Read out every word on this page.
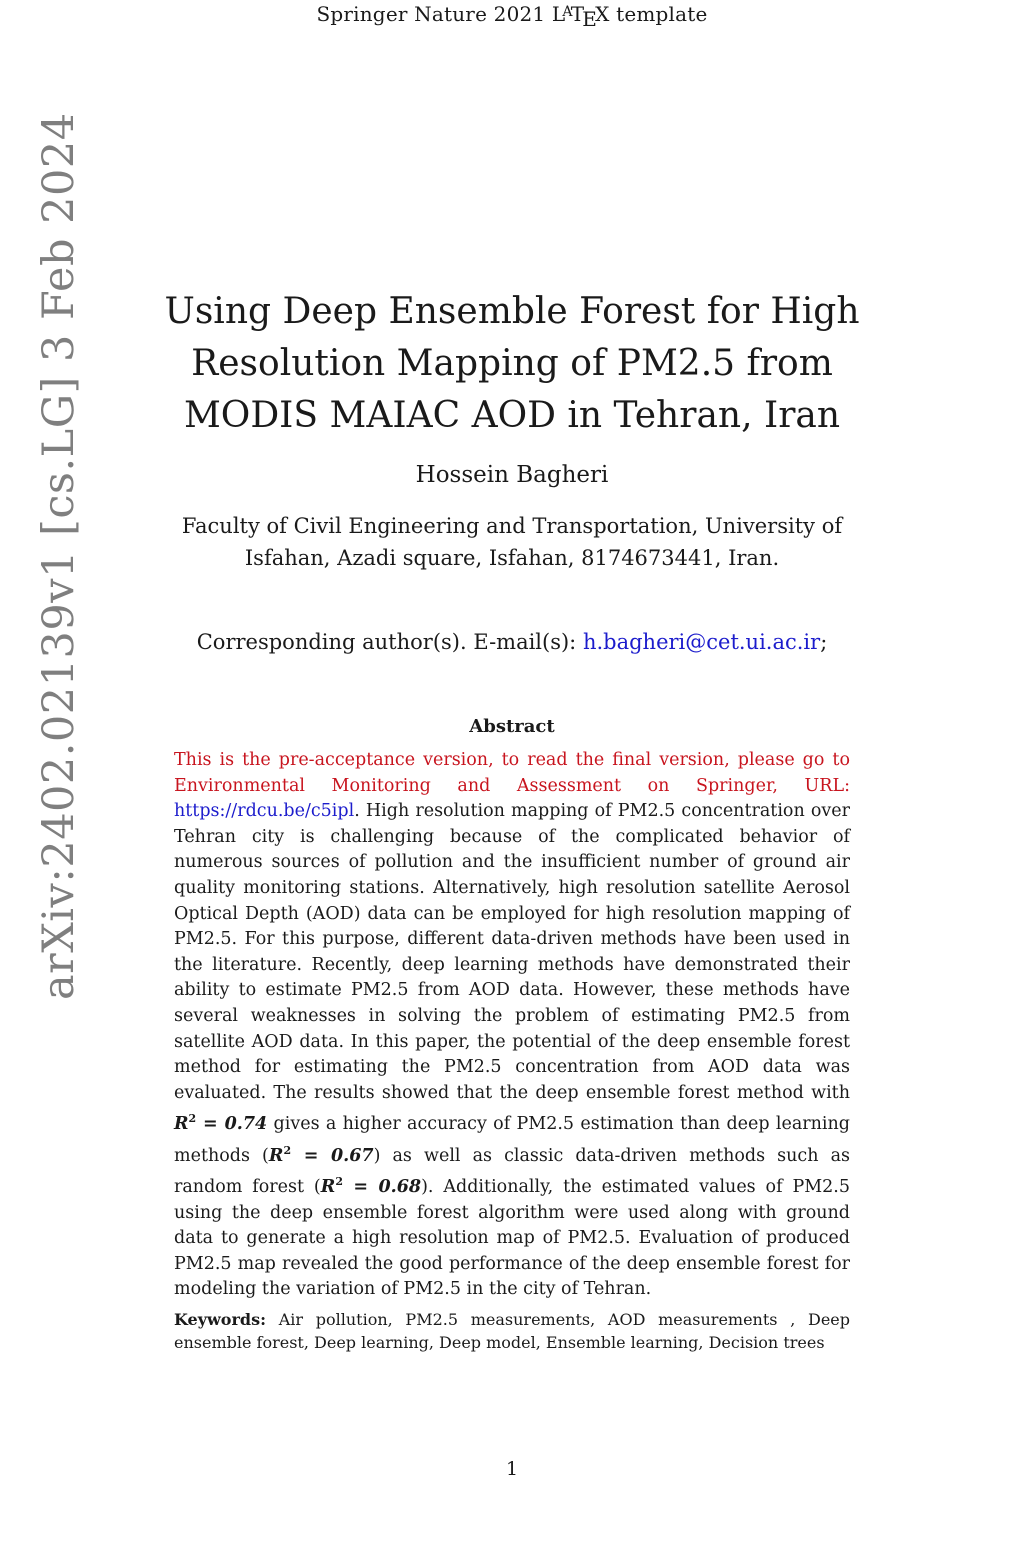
Springer Nature 2021 $L^ATEX$ template
arXiv:2402.02139v1 [cs.LG] 3 Feb 2024	Using Deep Ensemble Forest for High Resolution Mapping of PM2.5 from MODIS MAIAC AOD in Tehran, Iran
Hossein Bagheri
Faculty of Civil Engineering and Transportation, University of Isfahan, Azadi square, Isfahan, 8174673441, Iran.
Corresponding author(s). E-mail(s): h.bagheri@cet.ui.ac.ir;
Abstract
This is the pre-acceptance version, to read the final version, please go to Environmental Monitoring and Assessment on Springer, URL: https://rdcu.be/c5ipl. High resolution mapping of PM2.5 concentration over Tehran city is challenging because of the complicated behavior of numerous sources of pollution and the insufficient number of ground air quality monitoring stations. Alternatively, high resolution satellite Aerosol Optical Depth (AOD) data can be employed for high resolution mapping of PM2.5. For this purpose, different data-driven methods have been used in the literature. Recently, deep learning methods have demonstrated their ability to estimate PM2.5 from AOD data. However, these methods have several weaknesses in solving the problem of estimating PM2.5 from satellite AOD data. In this paper, the potential of the deep ensemble forest method for estimating the PM2.5 concentration from AOD data was evaluated. The results showed that the deep ensemble forest method with $R^2 = 0.74$ gives a higher accuracy of PM2.5 estimation than deep learning methods $(R^2 = 0.67)$ as well as classic data-driven methods such as random forest $(R^2 = 0.68)$. Additionally, the estimated values of PM2.5 using the deep ensemble forest algorithm were used along with ground data to generate a high resolution map of PM2.5. Evaluation of produced PM2.5 map revealed the good performance of the deep ensemble forest for modeling the variation of PM2.5 in the city of Tehran.
Keywords: Air pollution, PM2.5 measurements, AOD measurements , Deep ensemble forest, Deep learning, Deep model, Ensemble learning, Decision trees
1
